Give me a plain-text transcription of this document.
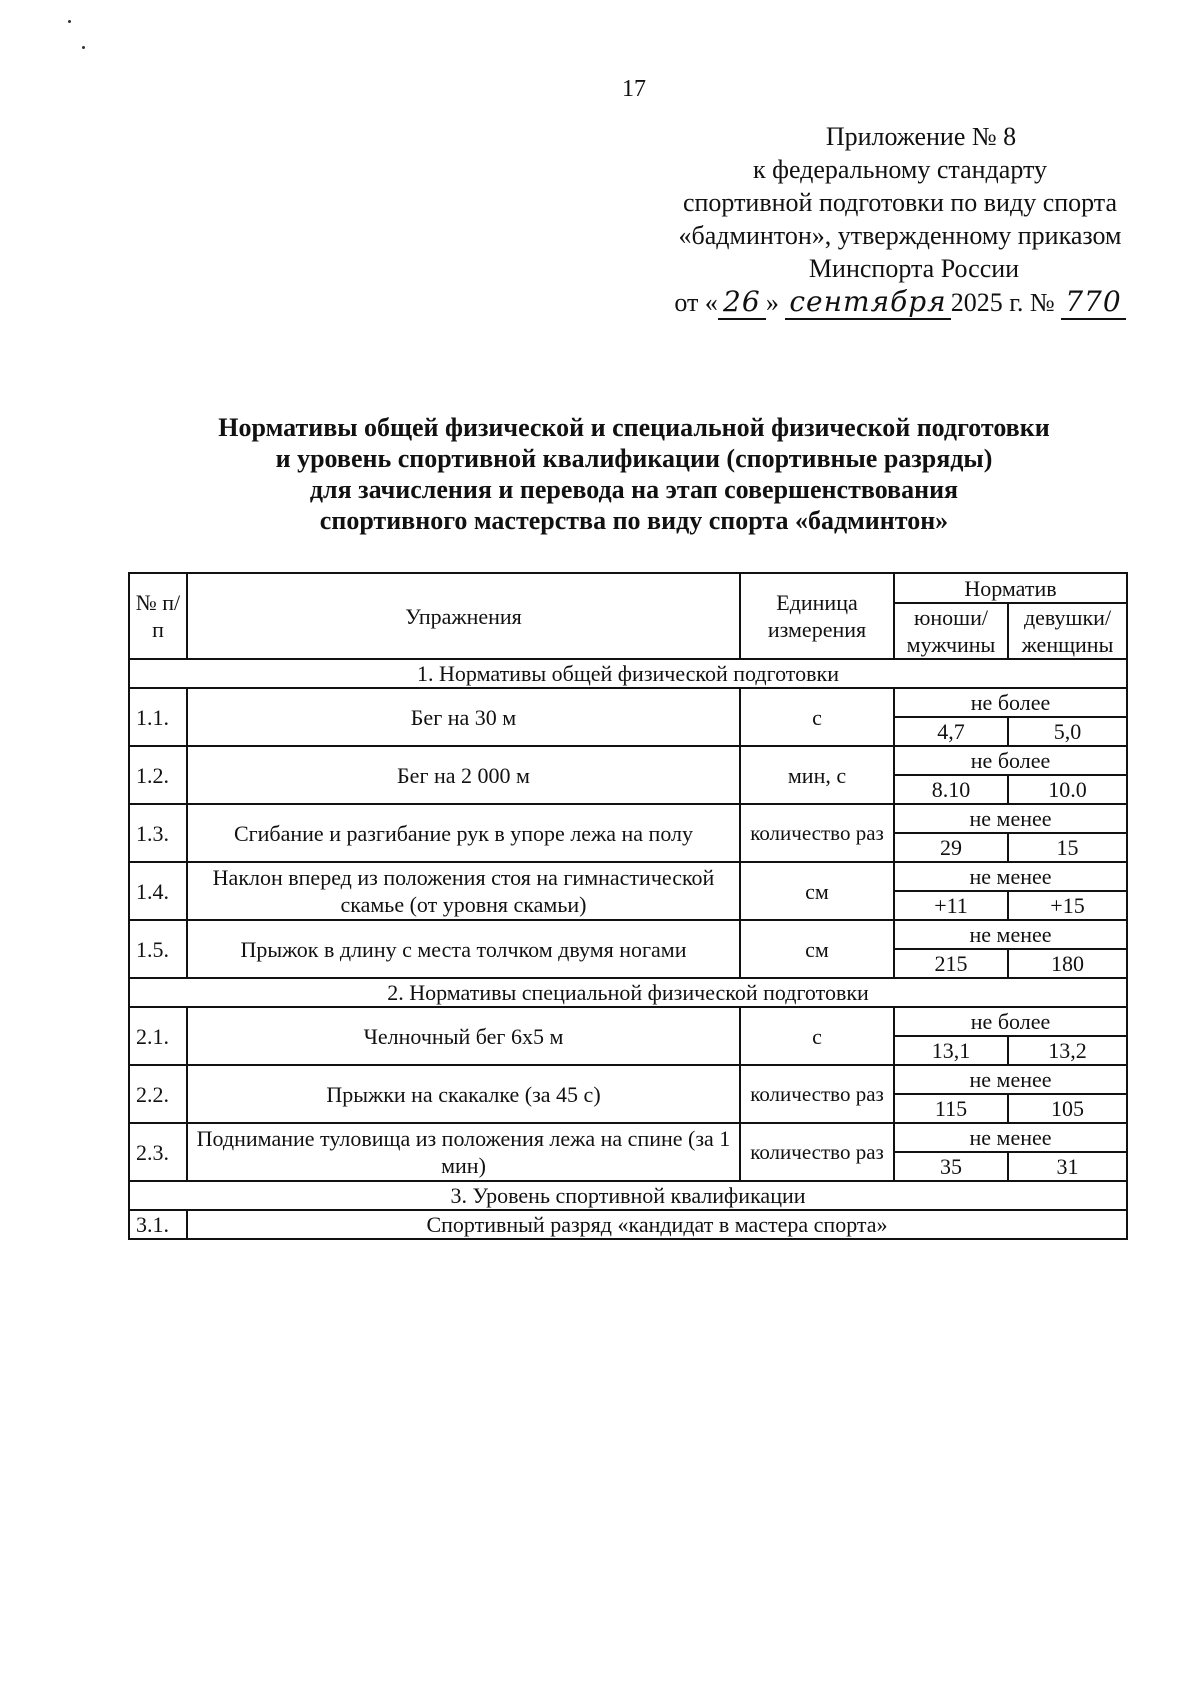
17
Приложение № 8
к федеральному стандарту
спортивной подготовки по виду спорта
«бадминтон», утвержденному приказом
Минспорта России
от « 26 » сентября 2025 г. № 770
Нормативы общей физической и специальной физической подготовки
и уровень спортивной квалификации (спортивные разряды)
для зачисления и перевода на этап совершенствования
спортивного мастерства по виду спорта «бадминтон»
№ п/п	Упражнения	Единица измерения	Норматив	
			юноши/ мужчины	девушки/ женщины
1. Нормативы общей физической подготовки				
1.1.	Бег на 30 м	с	не более	
			4,7	5,0
1.2.	Бег на 2 000 м	мин, с	не более	
			8.10	10.0
1.3.	Сгибание и разгибание рук в упоре лежа на полу	количество раз	не менее	
			29	15
1.4.	Наклон вперед из положения стоя на гимнастической скамье (от уровня скамьи)	см	не менее	
			+11	+15
1.5.	Прыжок в длину с места толчком двумя ногами	см	не менее	
			215	180
2. Нормативы специальной физической подготовки				
2.1.	Челночный бег 6х5 м	с	не более	
			13,1	13,2
2.2.	Прыжки на скакалке (за 45 с)	количество раз	не менее	
			115	105
2.3.	Поднимание туловища из положения лежа на спине (за 1 мин)	количество раз	не менее	
			35	31
3. Уровень спортивной квалификации				
3.1.	Спортивный разряд «кандидат в мастера спорта»			
